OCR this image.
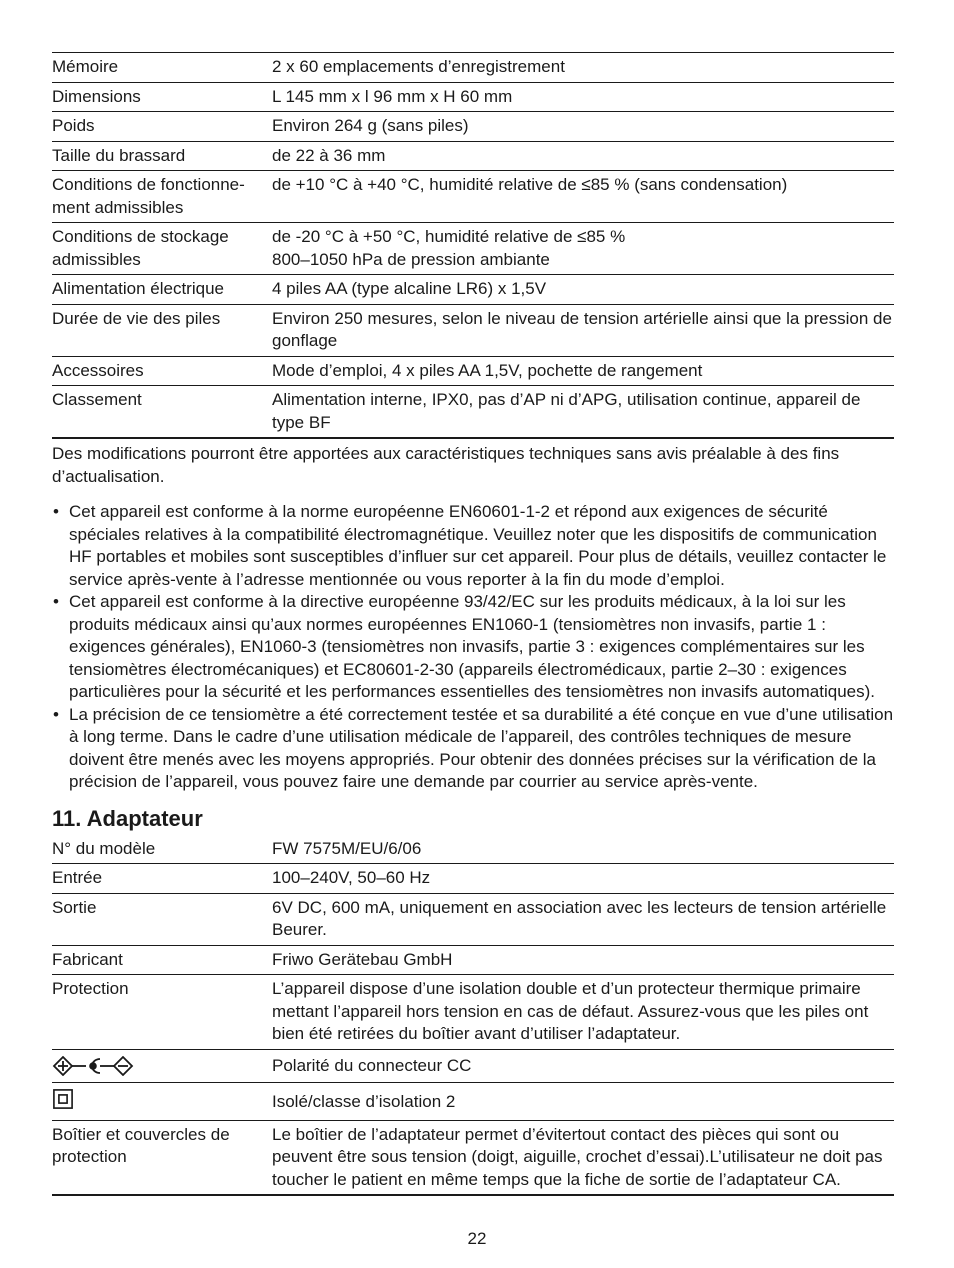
Mémoire	2 x 60 emplacements d’enregistrement
Dimensions	L 145 mm x l 96 mm x H 60 mm
Poids	Environ 264 g (sans piles)
Taille du brassard	de 22 à 36 mm
Conditions de fonctionne-ment admissibles	de +10 °C à +40 °C, humidité relative de ≤85 % (sans condensation)
Conditions de stockage admissibles	de -20 °C à +50 °C, humidité relative de ≤85 %
800–1050 hPa de pression ambiante

Alimentation électrique	4 piles AA (type alcaline LR6) x 1,5V
Durée de vie des piles	Environ 250 mesures, selon le niveau de tension artérielle ainsi que la pression de gonflage
Accessoires	Mode d’emploi, 4 x piles AA 1,5V, pochette de rangement
Classement	Alimentation interne, IPX0, pas d’AP ni d’APG, utilisation continue, appareil de type BF

Des modifications pourront être apportées aux caractéristiques techniques sans avis préalable à des fins d’actualisation.

• Cet appareil est conforme à la norme européenne EN60601-1-2 et répond aux exigences de sécurité spéciales relatives à la compatibilité électromagnétique. Veuillez noter que les dispositifs de communication HF portables et mobiles sont susceptibles d’influer sur cet appareil. Pour plus de détails, veuillez contacter le service après-vente à l’adresse mentionnée ou vous reporter à la fin du mode d’emploi.
• Cet appareil est conforme à la directive européenne 93/42/EC sur les produits médicaux, à la loi sur les produits médicaux ainsi qu’aux normes européennes EN1060-1 (tensiomètres non invasifs, partie 1 : exigences générales), EN1060-3 (tensiomètres non invasifs, partie 3 : exigences complémentaires sur les tensiomètres électromécaniques) et EC80601-2-30 (appareils électromédicaux, partie 2–30 : exigences particulières pour la sécurité et les performances essentielles des tensiomètres non invasifs automatiques).
• La précision de ce tensiomètre a été correctement testée et sa durabilité a été conçue en vue d’une utilisation à long terme. Dans le cadre d’une utilisation médicale de l’appareil, des contrôles techniques de mesure doivent être menés avec les moyens appropriés. Pour obtenir des données précises sur la vérification de la précision de l’appareil, vous pouvez faire une demande par courrier au service après-vente.
11. Adaptateur
N° du modèle	FW 7575M/EU/6/06
Entrée	100–240V, 50–60 Hz
Sortie	6V DC, 600 mA, uniquement en association avec les lecteurs de tension artérielle Beurer.
Fabricant	Friwo Gerätebau GmbH
Protection	L’appareil dispose d’une isolation double et d’un protecteur thermique primaire mettant l’appareil hors tension en cas de défaut. Assurez-vous que les piles ont bien été retirées du boîtier avant d’utiliser l’adaptateur.
	Polarité du connecteur CC
	Isolé/classe d’isolation 2
Boîtier et couvercles de protection	Le boîtier de l’adaptateur permet d’évitertout contact des pièces qui sont ou peuvent être sous tension (doigt, aiguille, crochet d’essai).L’utilisateur ne doit pas toucher le patient en même temps que la fiche de sortie de l’adaptateur CA.
22
